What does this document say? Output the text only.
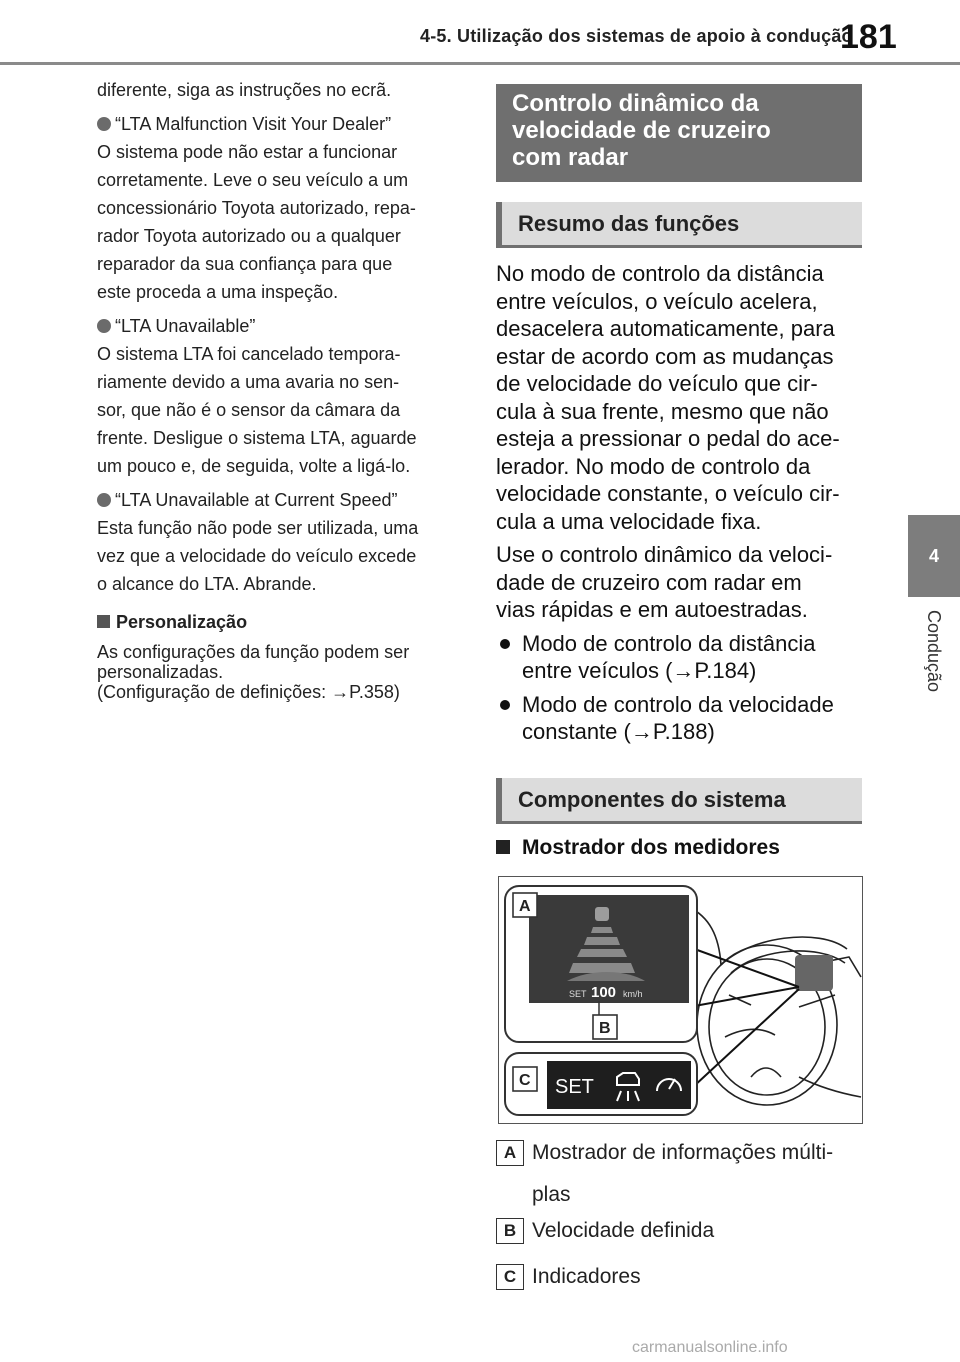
4-5. Utilização dos sistemas de apoio à condução
181
4
Condução

diferente, siga as instruções no ecrã.

“LTA Malfunction Visit Your Dealer”

O sistema pode não estar a funcionar

corretamente. Leve o seu veículo a um

concessionário Toyota autorizado, repa-

rador Toyota autorizado ou a qualquer

reparador da sua confiança para que

este proceda a uma inspeção.

“LTA Unavailable”

O sistema LTA foi cancelado tempora-

riamente devido a uma avaria no sen-

sor, que não é o sensor da câmara da

frente. Desligue o sistema LTA, aguarde

um pouco e, de seguida, volte a ligá-lo.

“LTA Unavailable at Current Speed”

Esta função não pode ser utilizada, uma

vez que a velocidade do veículo excede

o alcance do LTA. Abrande.

Personalização

As configurações da função podem ser

personalizadas.

(Configuração de definições: →P.358)

Controlo dinâmico da
velocidade de cruzeiro
com radar
Resumo das funções

No modo de controlo da distância

entre veículos, o veículo acelera,

desacelera automaticamente, para

estar de acordo com as mudanças

de velocidade do veículo que cir-

cula à sua frente, mesmo que não

esteja a pressionar o pedal do ace-

lerador. No modo de controlo da

velocidade constante, o veículo cir-

cula a uma velocidade fixa.

Use o controlo dinâmico da veloci-

dade de cruzeiro com radar em

vias rápidas e em autoestradas.

Modo de controlo da distância
entre veículos (→P.184)
Modo de controlo da velocidade
constante (→P.188)
Componentes do sistema
Mostrador dos medidores
SET 100 km/h
A
B
SET
C
A Mostrador de informações múlti-
plas
B Velocidade definida
C Indicadores
carmanualsonline.info
